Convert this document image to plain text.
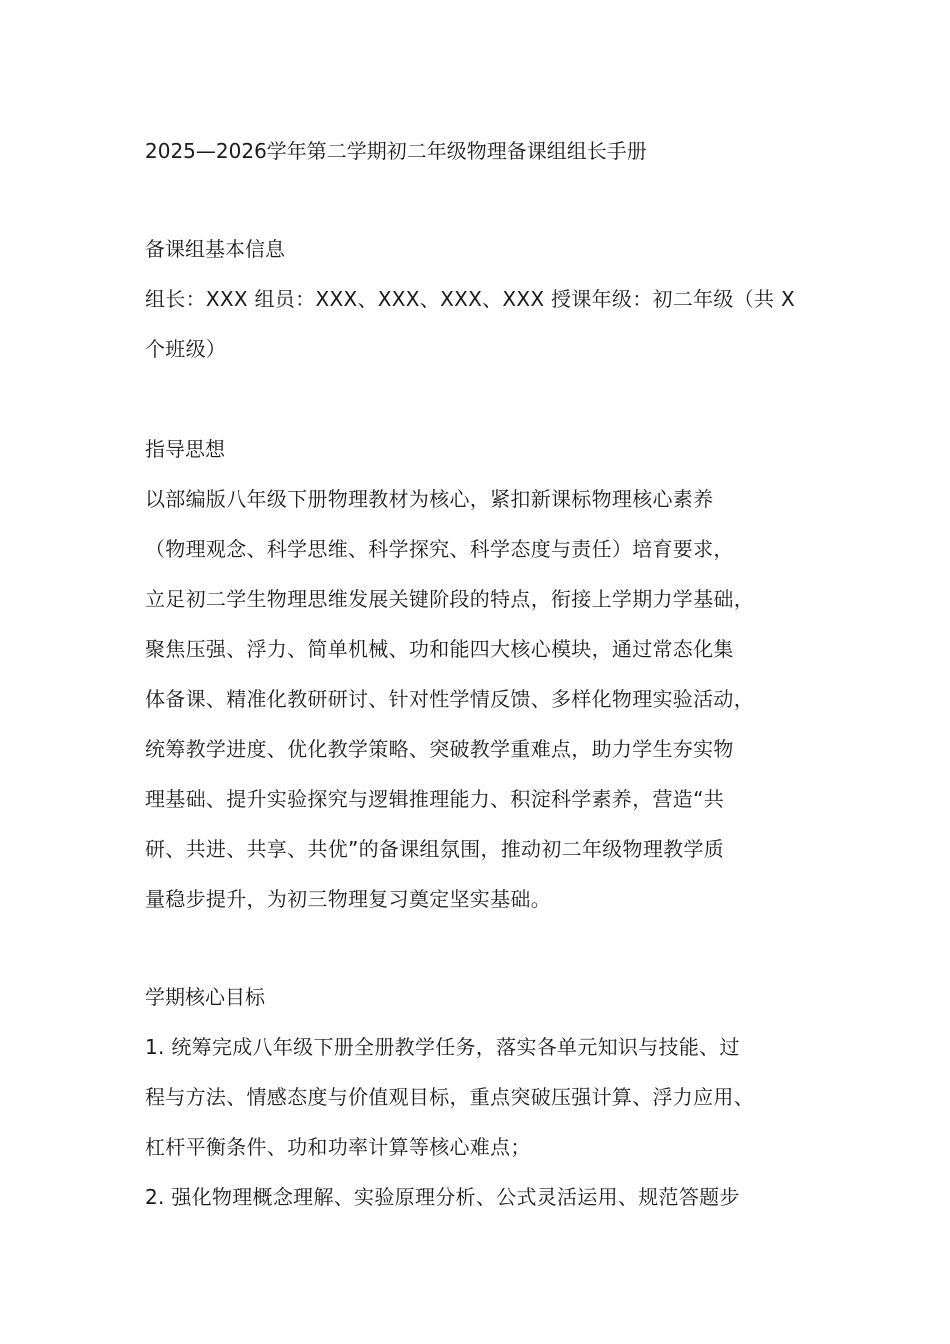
2025—2026学年第二学期初二年级物理备课组组长手册
备课组基本信息
组长：XXX 组员：XXX、XXX、XXX、XXX 授课年级：初二年级（共 X
个班级）
指导思想
以部编版八年级下册物理教材为核心，紧扣新课标物理核心素养
（物理观念、科学思维、科学探究、科学态度与责任）培育要求，
立足初二学生物理思维发展关键阶段的特点，衔接上学期力学基础，
聚焦压强、浮力、简单机械、功和能四大核心模块，通过常态化集
体备课、精准化教研研讨、针对性学情反馈、多样化物理实验活动，
统筹教学进度、优化教学策略、突破教学重难点，助力学生夯实物
理基础、提升实验探究与逻辑推理能力、积淀科学素养，营造“共
研、共进、共享、共优”的备课组氛围，推动初二年级物理教学质
量稳步提升，为初三物理复习奠定坚实基础。
学期核心目标
1. 统筹完成八年级下册全册教学任务，落实各单元知识与技能、过
程与方法、情感态度与价值观目标，重点突破压强计算、浮力应用、
杠杆平衡条件、功和功率计算等核心难点；
2. 强化物理概念理解、实验原理分析、公式灵活运用、规范答题步
